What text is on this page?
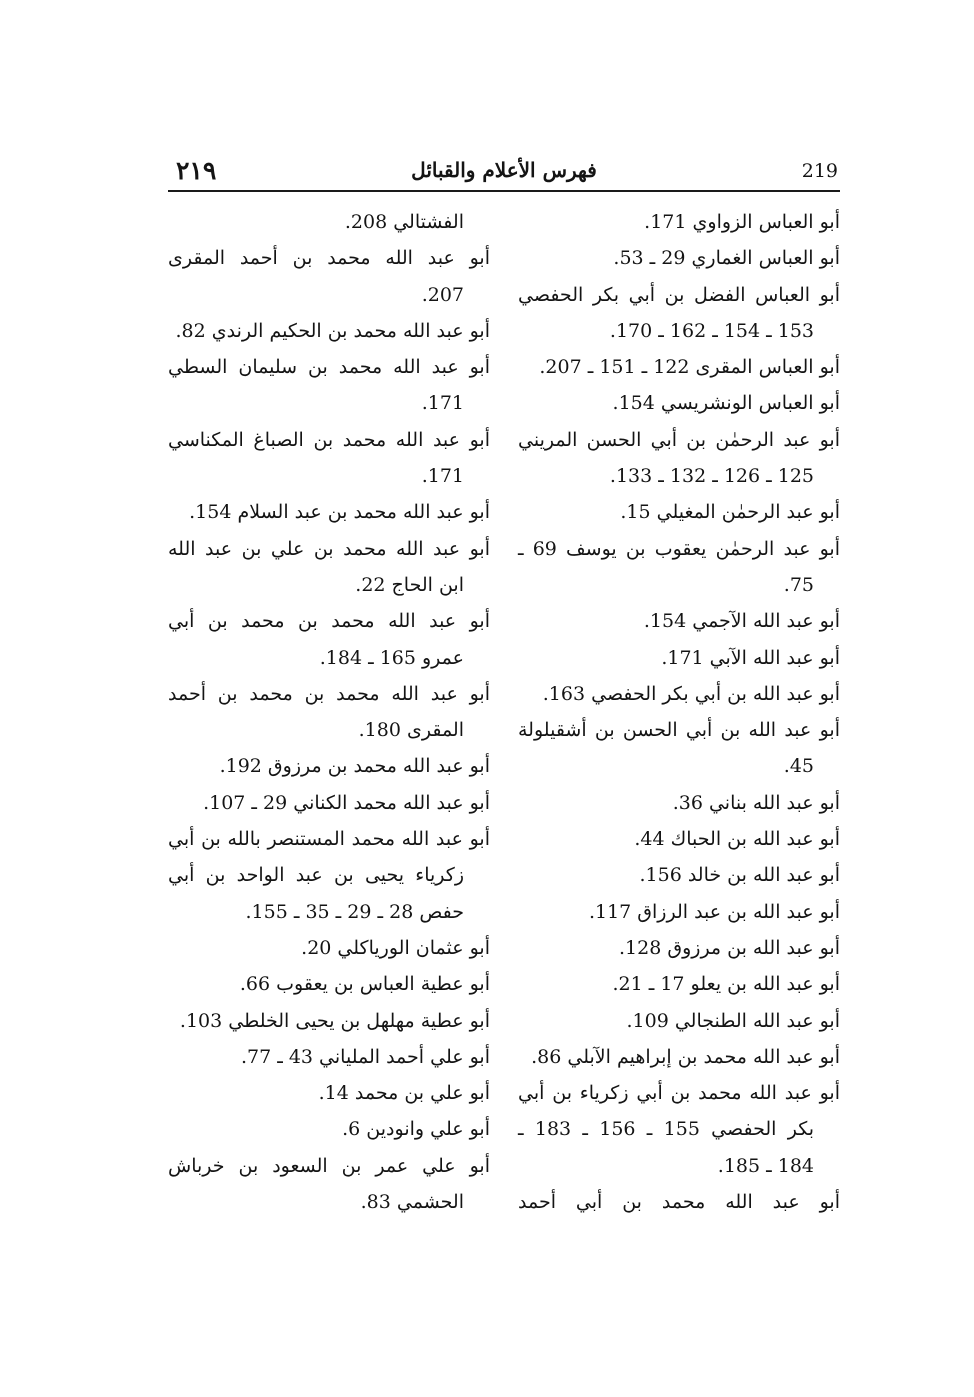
٢١٩	فهرس الأعلام والقبائل	219
أبو العباس الزواوي 171.
أبو العباس الغماري 29 ـ 53.
أبو العباس الفضل بن أبي بكر الحفصي
153 ـ 154 ـ 162 ـ 170.
أبو العباس المقرى 122 ـ 151 ـ 207.
أبو العباس الونشريسي 154.
أبو عبد الرحمٰن بن أبي الحسن المريني
125 ـ 126 ـ 132 ـ 133.
أبو عبد الرحمٰن المغيلي 15.
أبو عبد الرحمٰن يعقوب بن يوسف 69 ـ
75.
أبو عبد الله الآجمي 154.
أبو عبد الله الآبي 171.
أبو عبد الله بن أبي بكر الحفصي 163.
أبو عبد الله بن أبي الحسن بن أشقيلولة
45.
أبو عبد الله بناني 36.
أبو عبد الله بن الحباك 44.
أبو عبد الله بن خالد 156.
أبو عبد الله بن عبد الرزاق 117.
أبو عبد الله بن مرزوق 128.
أبو عبد الله بن يعلو 17 ـ 21.
أبو عبد الله الطنجالي 109.
أبو عبد الله محمد بن إبراهيم الآبلي 86.
أبو عبد الله محمد بن أبي زكرياء بن أبي
بكر الحفصي 155 ـ 156 ـ 183 ـ
184 ـ 185.
أبو عبد الله محمد بن أبي أحمد
الفشتالي 208.
أبو عبد الله محمد بن أحمد المقرى
207.
أبو عبد الله محمد بن الحكيم الرندي 82.
أبو عبد الله محمد بن سليمان السطي
171.
أبو عبد الله محمد بن الصباغ المكناسي
171.
أبو عبد الله محمد بن عبد السلام 154.
أبو عبد الله محمد بن علي بن عبد الله
ابن الحاج 22.
أبو عبد الله محمد بن محمد بن أبي
عمرو 165 ـ 184.
أبو عبد الله محمد بن محمد بن أحمد
المقرى 180.
أبو عبد الله محمد بن مرزوق 192.
أبو عبد الله محمد الكناني 29 ـ 107.
أبو عبد الله محمد المستنصر بالله بن أبي
زكرياء يحيى بن عبد الواحد بن أبي
حفص 28 ـ 29 ـ 35 ـ 155.
أبو عثمان الورياكلي 20.
أبو عطية العباس بن يعقوب 66.
أبو عطية مهلهل بن يحيى الخلطي 103.
أبو علي أحمد الملياني 43 ـ 77.
أبو علي بن محمد 14.
أبو علي وانودين 6.
أبو علي عمر بن السعود بن خرباش
الحشمي 83.
